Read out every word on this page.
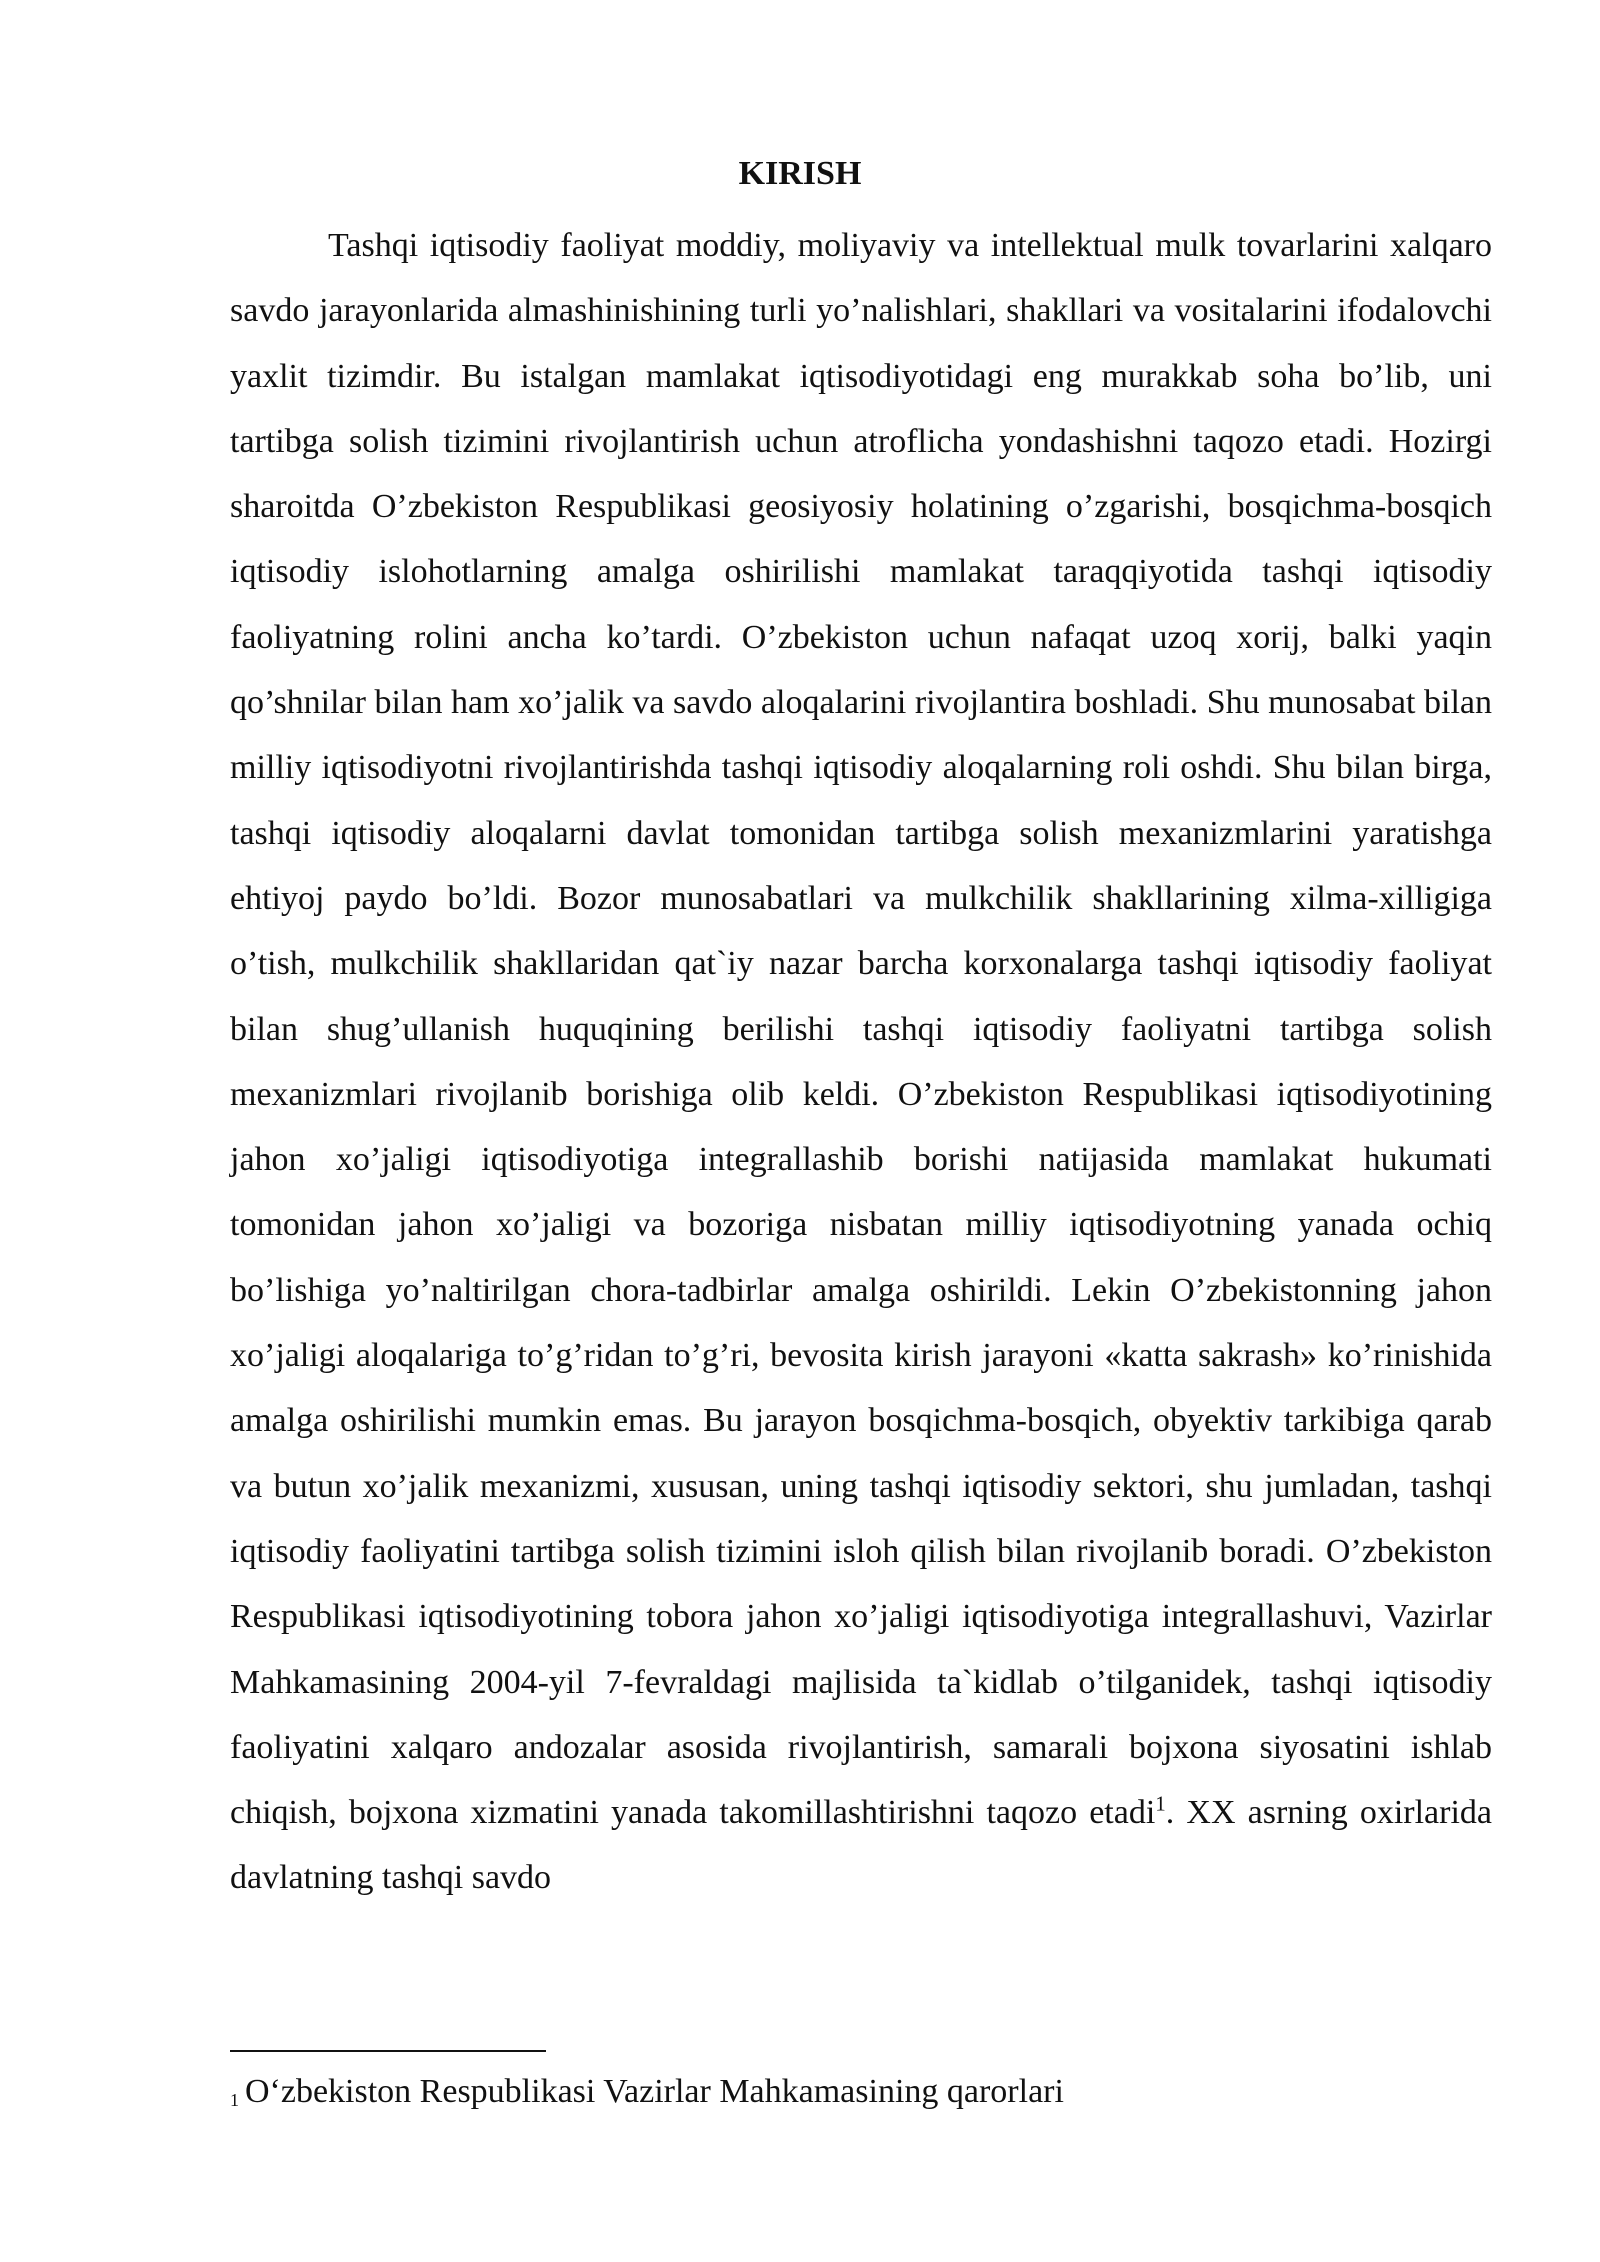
KIRISH

Tashqi iqtisodiy faoliyat moddiy, moliyaviy va intellektual mulk tovarlarini xalqaro savdo jarayonlarida almashinishining turli yo’nalishlari, shakllari va vositalarini ifodalovchi yaxlit tizimdir. Bu istalgan mamlakat iqtisodiyotidagi eng murakkab soha bo’lib, uni tartibga solish tizimini rivojlantirish uchun atroflicha yondashishni taqozo etadi. Hozirgi sharoitda O’zbekiston Respublikasi geosiyosiy holatining o’zgarishi, bosqichma-bosqich iqtisodiy islohotlarning amalga oshirilishi mamlakat taraqqiyotida tashqi iqtisodiy faoliyatning rolini ancha ko’tardi. O’zbekiston uchun nafaqat uzoq xorij, balki yaqin qo’shnilar bilan ham xo’jalik va savdo aloqalarini rivojlantira boshladi. Shu munosabat bilan milliy iqtisodiyotni rivojlantirishda tashqi iqtisodiy aloqalarning roli oshdi. Shu bilan birga, tashqi iqtisodiy aloqalarni davlat tomonidan tartibga solish mexanizmlarini yaratishga ehtiyoj paydo bo’ldi. Bozor munosabatlari va mulkchilik shakllarining xilma-xilligiga o’tish, mulkchilik shakllaridan qat`iy nazar barcha korxonalarga tashqi iqtisodiy faoliyat bilan shug’ullanish huquqining berilishi tashqi iqtisodiy faoliyatni tartibga solish mexanizmlari rivojlanib borishiga olib keldi. O’zbekiston Respublikasi iqtisodiyotining jahon xo’jaligi iqtisodiyotiga integrallashib borishi natijasida mamlakat hukumati tomonidan jahon xo’jaligi va bozoriga nisbatan milliy iqtisodiyotning yanada ochiq bo’lishiga yo’naltirilgan chora-tadbirlar amalga oshirildi. Lekin O’zbekistonning jahon xo’jaligi aloqalariga to’g’ridan to’g’ri, bevosita kirish jarayoni «katta sakrash» ko’rinishida amalga oshirilishi mumkin emas. Bu jarayon bosqichma-bosqich, obyektiv tarkibiga qarab va butun xo’jalik mexanizmi, xususan, uning tashqi iqtisodiy sektori, shu jumladan, tashqi iqtisodiy faoliyatini tartibga solish tizimini isloh qilish bilan rivojlanib boradi. O’zbekiston Respublikasi iqtisodiyotining tobora jahon xo’jaligi iqtisodiyotiga integrallashuvi, Vazirlar Mahkamasining 2004-yil 7-fevraldagi majlisida ta`kidlab o’tilganidek, tashqi iqtisodiy faoliyatini xalqaro andozalar asosida rivojlantirish, samarali bojxona siyosatini ishlab chiqish, bojxona xizmatini yanada takomillashtirishni taqozo etadi$^1$. XX asrning oxirlarida davlatning tashqi savdo

$^1$ O‘zbekiston Respublikasi Vazirlar Mahkamasining qarorlari
